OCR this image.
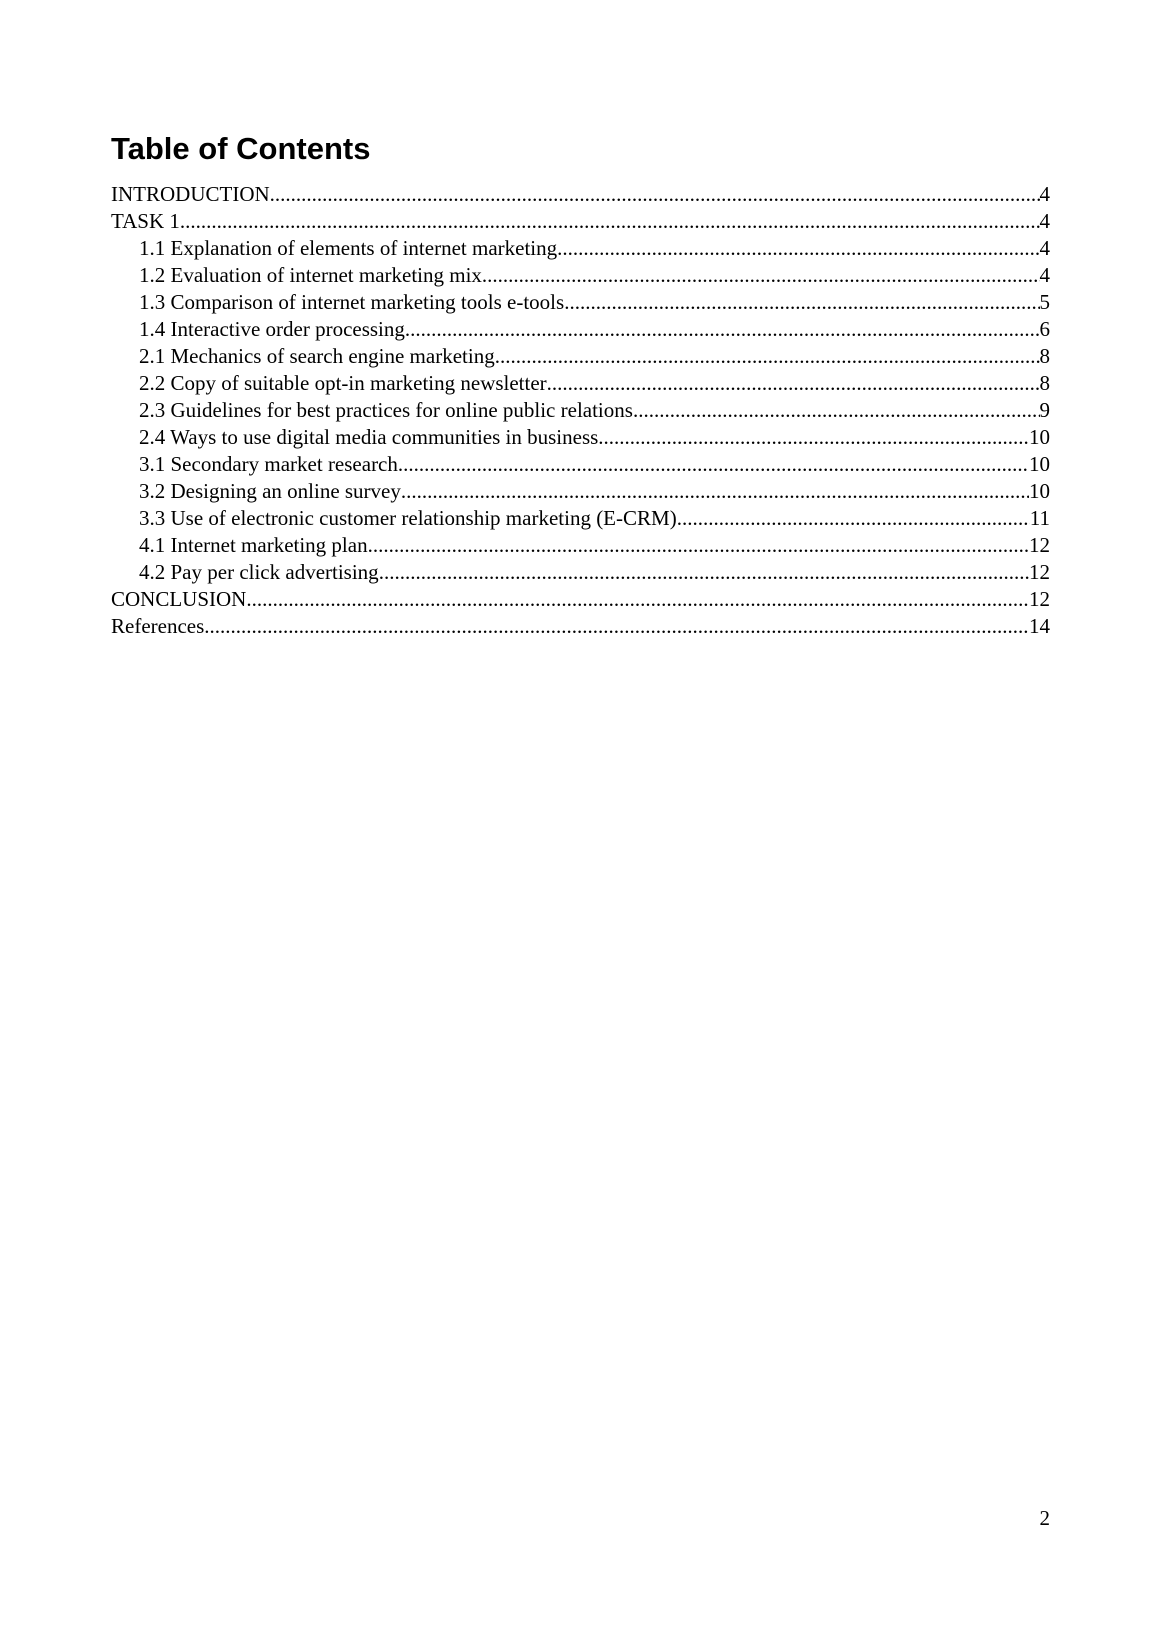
Table of Contents
INTRODUCTION .....	4
TASK 1 .....	4
1.1 Explanation of elements of internet marketing .....	4
1.2 Evaluation of internet marketing mix .....	4
1.3 Comparison of internet marketing tools e-tools .....	5
1.4 Interactive order processing .....	6
2.1 Mechanics of search engine marketing .....	8
2.2 Copy of suitable opt-in marketing newsletter .....	8
2.3 Guidelines for best practices for online public relations .....	9
2.4 Ways to use digital media communities in business .....	10
3.1 Secondary market research .....	10
3.2 Designing an online survey .....	10
3.3 Use of electronic customer relationship marketing (E-CRM) .....	11
4.1 Internet marketing plan .....	12
4.2 Pay per click advertising .....	12
CONCLUSION .....	12
References .....	14
2
